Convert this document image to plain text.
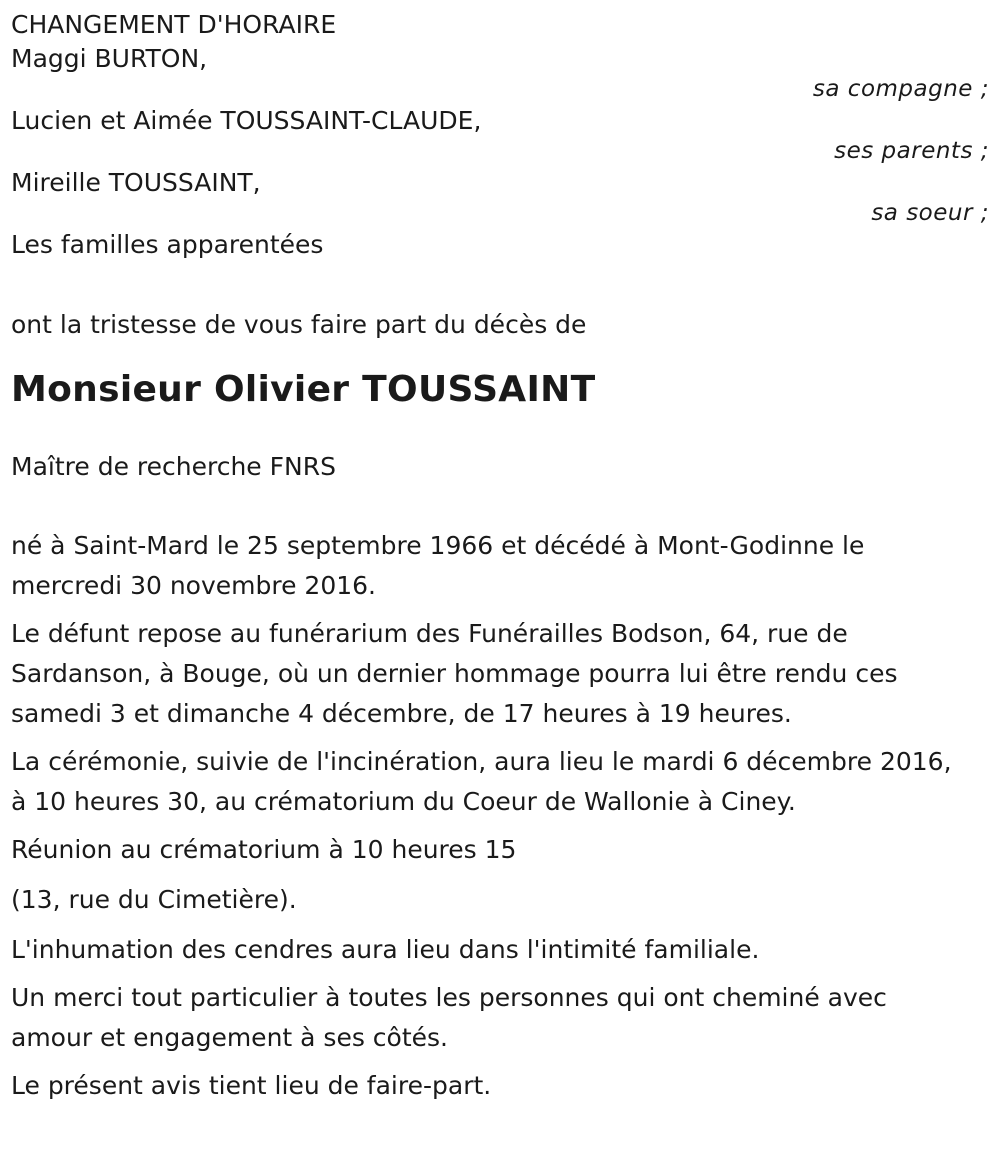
CHANGEMENT D'HORAIRE
Maggi BURTON,
sa compagne ;
Lucien et Aimée TOUSSAINT-CLAUDE,
ses parents ;
Mireille TOUSSAINT,
sa soeur ;
Les familles apparentées
ont la tristesse de vous faire part du décès de
Monsieur Olivier TOUSSAINT
Maître de recherche FNRS
né à Saint-Mard le 25 septembre 1966 et décédé à Mont-Godinne le mercredi 30 novembre 2016.
Le défunt repose au funérarium des Funérailles Bodson, 64, rue de Sardanson, à Bouge, où un dernier hommage pourra lui être rendu ces samedi 3 et dimanche 4 décembre, de 17 heures à 19 heures.
La cérémonie, suivie de l'incinération, aura lieu le mardi 6 décembre 2016, à 10 heures 30, au crématorium du Coeur de Wallonie à Ciney.
Réunion au crématorium à 10 heures 15
(13, rue du Cimetière).
L'inhumation des cendres aura lieu dans l'intimité familiale.
Un merci tout particulier à toutes les personnes qui ont cheminé avec amour et engagement à ses côtés.
Le présent avis tient lieu de faire-part.
